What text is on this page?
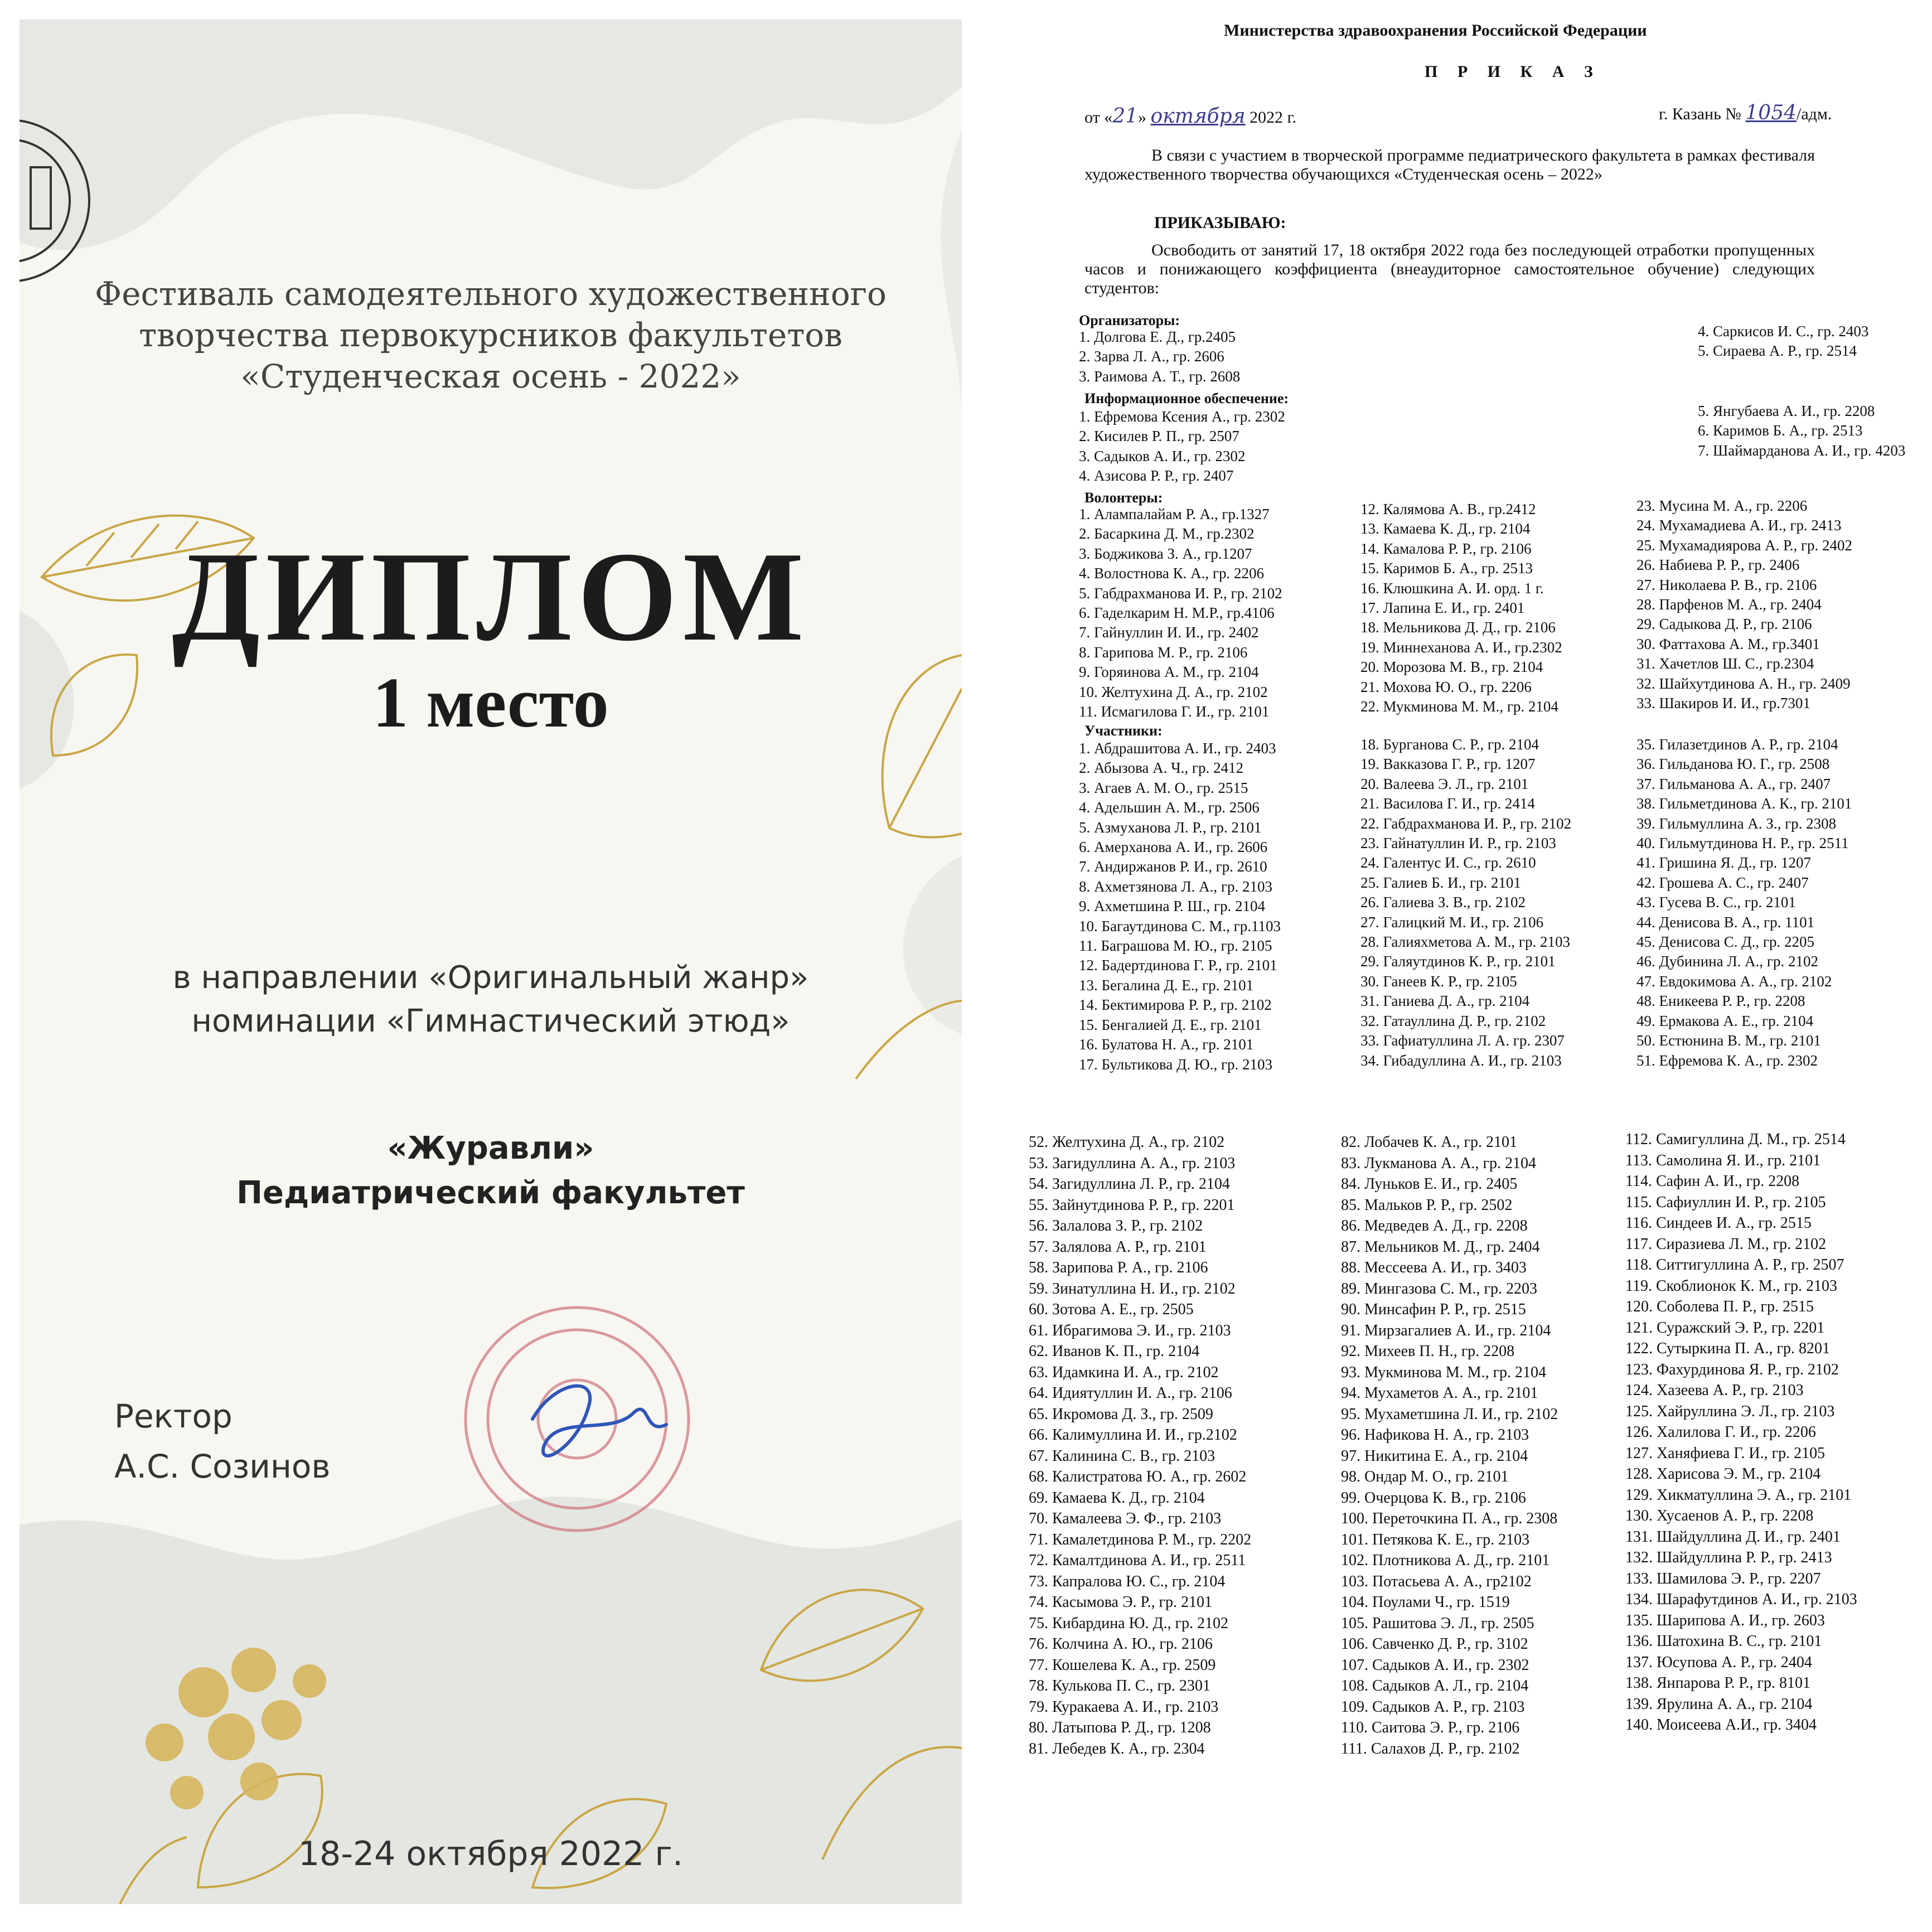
Фестиваль самодеятельного художественного
творчества первокурсников факультетов
«Студенческая осень - 2022»
ДИПЛОМ
1 место
в направлении «Оригинальный жанр»
номинации «Гимнастический этюд»
«Журавли»
Педиатрический факультет
Ректор
А.С. Созинов
18-24 октября 2022 г.
Министерства здравоохранения Российской Федерации
П Р И К А З
от «21» октября 2022 г.	г. Казань № 1054/адм.
В связи с участием в творческой программе педиатрического факультета в рамках фестиваля художественного творчества обучающихся «Студенческая осень – 2022»
ПРИКАЗЫВАЮ:
Освободить от занятий 17, 18 октября 2022 года без последующей отработки пропущенных часов и понижающего коэффициента (внеаудиторное самостоятельное обучение) следующих студентов:
Организаторы:
1. Долгова Е. Д., гр.2405
2. Зарва Л. А., гр. 2606
3. Раимова А. Т., гр. 2608
4. Саркисов И. С., гр. 2403
5. Сираева А. Р., гр. 2514
Информационное обеспечение:
1. Ефремова Ксения А., гр. 2302
2. Кисилев Р. П., гр. 2507
3. Садыков А. И., гр. 2302
4. Азисова Р. Р., гр. 2407
5. Янгубаева А. И., гр. 2208
6. Каримов Б. А., гр. 2513
7. Шаймарданова А. И., гр. 4203
Волонтеры:
1. Алампалайам Р. А., гр.1327
2. Басаркина Д. М., гр.2302
3. Боджикова З. А., гр.1207
4. Волостнова К. А., гр. 2206
5. Габдрахманова И. Р., гр. 2102
6. Гаделкарим Н. М.Р., гр.4106
7. Гайнуллин И. И., гр. 2402
8. Гарипова М. Р., гр. 2106
9. Горяинова А. М., гр. 2104
10. Желтухина Д. А., гр. 2102
11. Исмагилова Г. И., гр. 2101
12. Калямова А. В., гр.2412
13. Камаева К. Д., гр. 2104
14. Камалова Р. Р., гр. 2106
15. Каримов Б. А., гр. 2513
16. Клюшкина А. И. орд. 1 г.
17. Лапина Е. И., гр. 2401
18. Мельникова Д. Д., гр. 2106
19. Миннеханова А. И., гр.2302
20. Морозова М. В., гр. 2104
21. Мохова Ю. О., гр. 2206
22. Мукминова М. М., гр. 2104
23. Мусина М. А., гр. 2206
24. Мухамадиева А. И., гр. 2413
25. Мухамадиярова А. Р., гр. 2402
26. Набиева Р. Р., гр. 2406
27. Николаева Р. В., гр. 2106
28. Парфенов М. А., гр. 2404
29. Садыкова Д. Р., гр. 2106
30. Фаттахова А. М., гр.3401
31. Хачетлов Ш. С., гр.2304
32. Шайхутдинова А. Н., гр. 2409
33. Шакиров И. И., гр.7301
Участники:
1. Абдрашитова А. И., гр. 2403
2. Абызова А. Ч., гр. 2412
3. Агаев А. М. О., гр. 2515
4. Адельшин А. М., гр. 2506
5. Азмуханова Л. Р., гр. 2101
6. Амерханова А. И., гр. 2606
7. Андиржанов Р. И., гр. 2610
8. Ахметзянова Л. А., гр. 2103
9. Ахметшина Р. Ш., гр. 2104
10. Багаутдинова С. М., гр.1103
11. Баграшова М. Ю., гр. 2105
12. Бадертдинова Г. Р., гр. 2101
13. Бегалина Д. Е., гр. 2101
14. Бектимирова Р. Р., гр. 2102
15. Бенгалией Д. Е., гр. 2101
16. Булатова Н. А., гр. 2101
17. Бультикова Д. Ю., гр. 2103
18. Бурганова С. Р., гр. 2104
19. Вакказова Г. Р., гр. 1207
20. Валеева Э. Л., гр. 2101
21. Василова Г. И., гр. 2414
22. Габдрахманова И. Р., гр. 2102
23. Гайнатуллин И. Р., гр. 2103
24. Галентус И. С., гр. 2610
25. Галиев Б. И., гр. 2101
26. Галиева З. В., гр. 2102
27. Галицкий М. И., гр. 2106
28. Галияхметова А. М., гр. 2103
29. Галяутдинов К. Р., гр. 2101
30. Ганеев К. Р., гр. 2105
31. Ганиева Д. А., гр. 2104
32. Гатауллина Д. Р., гр. 2102
33. Гафиатуллина Л. А. гр. 2307
34. Гибадуллина А. И., гр. 2103
35. Гилазетдинов А. Р., гр. 2104
36. Гильданова Ю. Г., гр. 2508
37. Гильманова А. А., гр. 2407
38. Гильметдинова А. К., гр. 2101
39. Гильмуллина А. З., гр. 2308
40. Гильмутдинова Н. Р., гр. 2511
41. Гришина Я. Д., гр. 1207
42. Грошева А. С., гр. 2407
43. Гусева В. С., гр. 2101
44. Денисова В. А., гр. 1101
45. Денисова С. Д., гр. 2205
46. Дубинина Л. А., гр. 2102
47. Евдокимова А. А., гр. 2102
48. Еникеева Р. Р., гр. 2208
49. Ермакова А. Е., гр. 2104
50. Естюнина В. М., гр. 2101
51. Ефремова К. А., гр. 2302
52. Желтухина Д. А., гр. 2102
53. Загидуллина А. А., гр. 2103
54. Загидуллина Л. Р., гр. 2104
55. Зайнутдинова Р. Р., гр. 2201
56. Залалова З. Р., гр. 2102
57. Залялова А. Р., гр. 2101
58. Зарипова Р. А., гр. 2106
59. Зинатуллина Н. И., гр. 2102
60. Зотова А. Е., гр. 2505
61. Ибрагимова Э. И., гр. 2103
62. Иванов К. П., гр. 2104
63. Идамкина И. А., гр. 2102
64. Идиятуллин И. А., гр. 2106
65. Икромова Д. З., гр. 2509
66. Калимуллина И. И., гр.2102
67. Калинина С. В., гр. 2103
68. Калистратова Ю. А., гр. 2602
69. Камаева К. Д., гр. 2104
70. Камалеева Э. Ф., гр. 2103
71. Камалетдинова Р. М., гр. 2202
72. Камалтдинова А. И., гр. 2511
73. Капралова Ю. С., гр. 2104
74. Касымова Э. Р., гр. 2101
75. Кибардина Ю. Д., гр. 2102
76. Колчина А. Ю., гр. 2106
77. Кошелева К. А., гр. 2509
78. Кулькова П. С., гр. 2301
79. Куракаева А. И., гр. 2103
80. Латыпова Р. Д., гр. 1208
81. Лебедев К. А., гр. 2304
82. Лобачев К. А., гр. 2101
83. Лукманова А. А., гр. 2104
84. Луньков Е. И., гр. 2405
85. Мальков Р. Р., гр. 2502
86. Медведев А. Д., гр. 2208
87. Мельников М. Д., гр. 2404
88. Мессеева А. И., гр. 3403
89. Мингазова С. М., гр. 2203
90. Минсафин Р. Р., гр. 2515
91. Мирзагалиев А. И., гр. 2104
92. Михеев П. Н., гр. 2208
93. Мукминова М. М., гр. 2104
94. Мухаметов А. А., гр. 2101
95. Мухаметшина Л. И., гр. 2102
96. Нафикова Н. А., гр. 2103
97. Никитина Е. А., гр. 2104
98. Ондар М. О., гр. 2101
99. Очерцова К. В., гр. 2106
100. Переточкина П. А., гр. 2308
101. Петякова К. Е., гр. 2103
102. Плотникова А. Д., гр. 2101
103. Потасьева А. А., гр2102
104. Поулами Ч., гр. 1519
105. Рашитова Э. Л., гр. 2505
106. Савченко Д. Р., гр. 3102
107. Садыков А. И., гр. 2302
108. Садыков А. Л., гр. 2104
109. Садыков А. Р., гр. 2103
110. Саитова Э. Р., гр. 2106
111. Салахов Д. Р., гр. 2102
112. Самигуллина Д. М., гр. 2514
113. Самолина Я. И., гр. 2101
114. Сафин А. И., гр. 2208
115. Сафиуллин И. Р., гр. 2105
116. Синдеев И. А., гр. 2515
117. Сиразиева Л. М., гр. 2102
118. Ситтигуллина А. Р., гр. 2507
119. Скоблионок К. М., гр. 2103
120. Соболева П. Р., гр. 2515
121. Суражский Э. Р., гр. 2201
122. Сутыркина П. А., гр. 8201
123. Фахурдинова Я. Р., гр. 2102
124. Хазеева А. Р., гр. 2103
125. Хайруллина Э. Л., гр. 2103
126. Халилова Г. И., гр. 2206
127. Ханяфиева Г. И., гр. 2105
128. Харисова Э. М., гр. 2104
129. Хикматуллина Э. А., гр. 2101
130. Хусаенов А. Р., гр. 2208
131. Шайдуллина Д. И., гр. 2401
132. Шайдуллина Р. Р., гр. 2413
133. Шамилова Э. Р., гр. 2207
134. Шарафутдинов А. И., гр. 2103
135. Шарипова А. И., гр. 2603
136. Шатохина В. С., гр. 2101
137. Юсупова А. Р., гр. 2404
138. Янпарова Р. Р., гр. 8101
139. Ярулина А. А., гр. 2104
140. Моисеева А.И., гр. 3404
